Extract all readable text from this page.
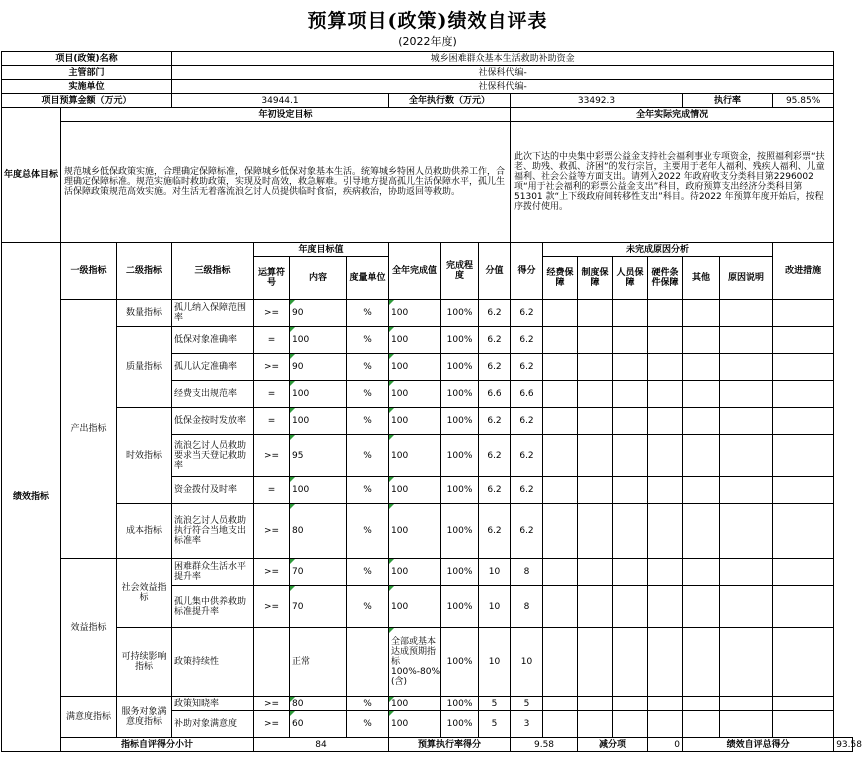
预算项目(政策)绩效自评表
(2022年度)
项目(政策)名称			城乡困难群众基本生活救助补助资金															
主管部门			社保科代编-															
实施单位			社保科代编-															
项目预算金额（万元）			34944.1				全年执行数（万元）			33492.3					执行率		95.85%	
年度总体目标	年初设定目标									全年实际完成情况								
	规范城乡低保政策实施，合理确定保障标准，保障城乡低保对象基本生活。统筹城乡特困人员救助供养工作，合理确定保障标准。规范实施临时救助政策，实现及时高效，救急解难。引导地方提高孤儿生活保障水平，孤儿生活保障政策规范高效实施。对生活无着落流浪乞讨人员提供临时食宿，疾病救治，协助返回等救助。									此次下达的中央集中彩票公益金支持社会福利事业专项资金，按照福利彩票“扶老、助残、救孤、济困”的发行宗旨，主要用于老年人福利、残疾人福利、儿童福利、社会公益等方面支出。请列入2022 年政府收支分类科目第2296002 项“用于社会福利的彩票公益金支出”科目，政府预算支出经济分类科目第51301 款“上下级政府间转移性支出”科目。待2022 年预算年度开始后，按程序拨付使用。								
绩效指标	一级指标	二级指标	三级指标	年度目标值			全年完成值	完成程度	分值	得分	未完成原因分析						改进措施	
				运算符号	内容	度量单位					经费保障	制度保障	人员保障	硬件条件保障	其他	原因说明		
	产出指标	数量指标	孤儿纳入保障范围率	>=	90	%	100	100%	6.2	6.2								
		质量指标	低保对象准确率	=	100	%	100	100%	6.2	6.2								
			孤儿认定准确率	>=	90	%	100	100%	6.2	6.2								
			经费支出规范率	=	100	%	100	100%	6.6	6.6								
		时效指标	低保金按时发放率	=	100	%	100	100%	6.2	6.2								
			流浪乞讨人员救助要求当天登记救助率	>=	95	%	100	100%	6.2	6.2								
			资金拨付及时率	=	100	%	100	100%	6.2	6.2								
		成本指标	流浪乞讨人员救助执行符合当地支出标准率	>=	80	%	100	100%	6.2	6.2								
	效益指标	社会效益指标	困难群众生活水平提升率	>=	70	%	100	100%	10	8								
			孤儿集中供养救助标准提升率	>=	70	%	100	100%	10	8								
		可持续影响指标	政策持续性		正常		全部或基本达成预期指标100%-80%(含)	100%	10	10								
	满意度指标	服务对象满意度指标	政策知晓率	>=	80	%	100	100%	5	5								
			补助对象满意度	>=	60	%	100	100%	5	3								
	指标自评得分小计			84			预算执行率得分			9.58		减分项		0	绩效自评总得分			93.58
